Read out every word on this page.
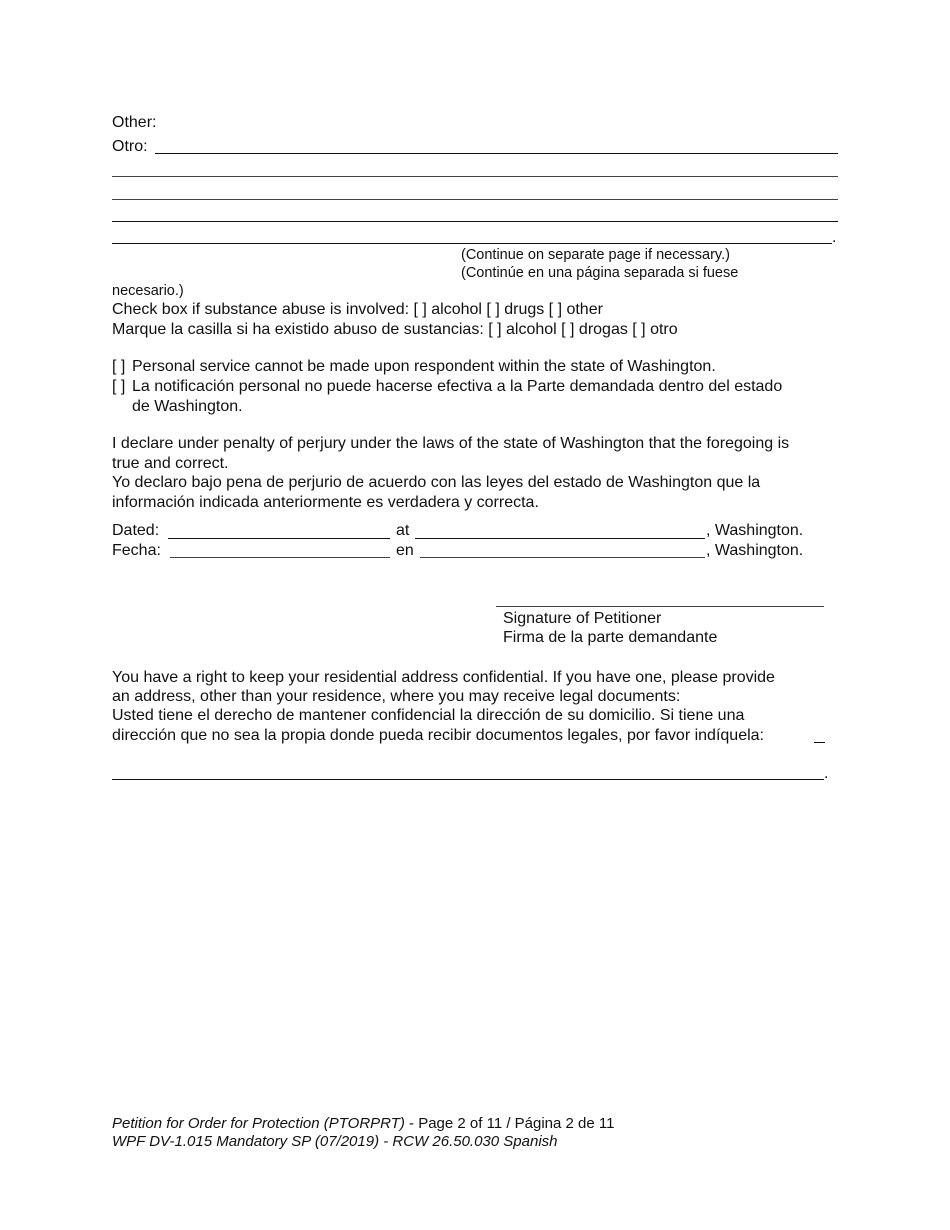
Other:
Otro:
.
(Continue on separate page if necessary.)
(Continúe en una página separada si fuese
necesario.)
Check box if substance abuse is involved: [ ] alcohol [ ] drugs [ ] other
Marque la casilla si ha existido abuso de sustancias: [ ] alcohol [ ] drogas [ ] otro
[ ] Personal service cannot be made upon respondent within the state of Washington.
[ ] La notificación personal no puede hacerse efectiva a la Parte demandada dentro del estado
de Washington.
I declare under penalty of perjury under the laws of the state of Washington that the foregoing is
true and correct.
Yo declaro bajo pena de perjurio de acuerdo con las leyes del estado de Washington que la
información indicada anteriormente es verdadera y correcta.
Dated:	at	, Washington.
Fecha:	en	, Washington.
Signature of Petitioner
Firma de la parte demandante
You have a right to keep your residential address confidential. If you have one, please provide
an address, other than your residence, where you may receive legal documents:
Usted tiene el derecho de mantener confidencial la dirección de su domicilio. Si tiene una
dirección que no sea la propia donde pueda recibir documentos legales, por favor indíquela:
.
Petition for Order for Protection (PTORPRT) - Page 2 of 11 / Página 2 de 11
WPF DV-1.015 Mandatory SP (07/2019) - RCW 26.50.030 Spanish
